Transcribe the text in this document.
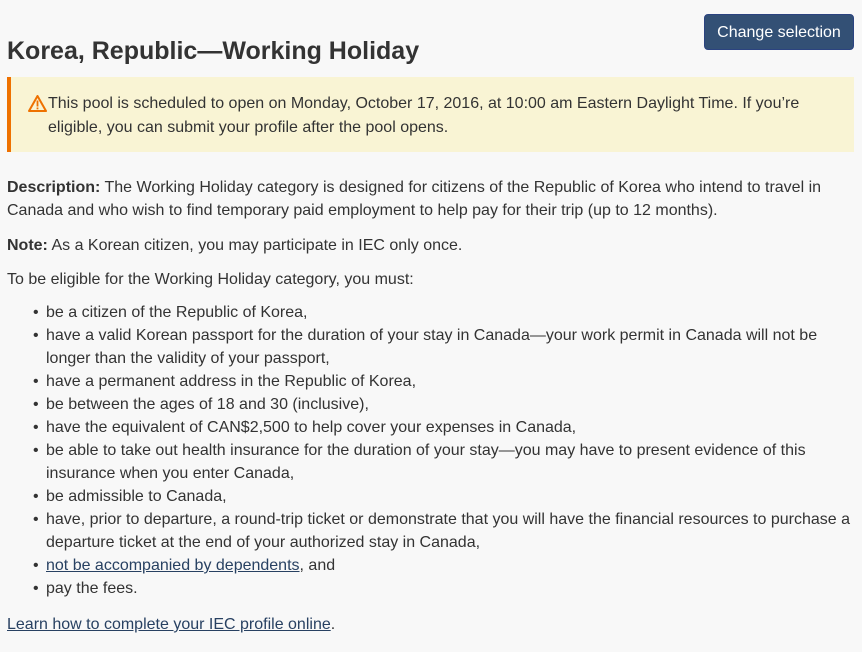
Change selection
Korea, Republic—Working Holiday
This pool is scheduled to open on Monday, October 17, 2016, at 10:00 am Eastern Daylight Time. If you’re eligible, you can submit your profile after the pool opens.

Description: The Working Holiday category is designed for citizens of the Republic of Korea who intend to travel in Canada and who wish to find temporary paid employment to help pay for their trip (up to 12 months).

Note: As a Korean citizen, you may participate in IEC only once.

To be eligible for the Working Holiday category, you must:

• be a citizen of the Republic of Korea,
• have a valid Korean passport for the duration of your stay in Canada—your work permit in Canada will not be longer than the validity of your passport,
• have a permanent address in the Republic of Korea,
• be between the ages of 18 and 30 (inclusive),
• have the equivalent of CAN$2,500 to help cover your expenses in Canada,
• be able to take out health insurance for the duration of your stay—you may have to present evidence of this insurance when you enter Canada,
• be admissible to Canada,
• have, prior to departure, a round-trip ticket or demonstrate that you will have the financial resources to purchase a departure ticket at the end of your authorized stay in Canada,
• not be accompanied by dependents, and
• pay the fees.

Learn how to complete your IEC profile online.
